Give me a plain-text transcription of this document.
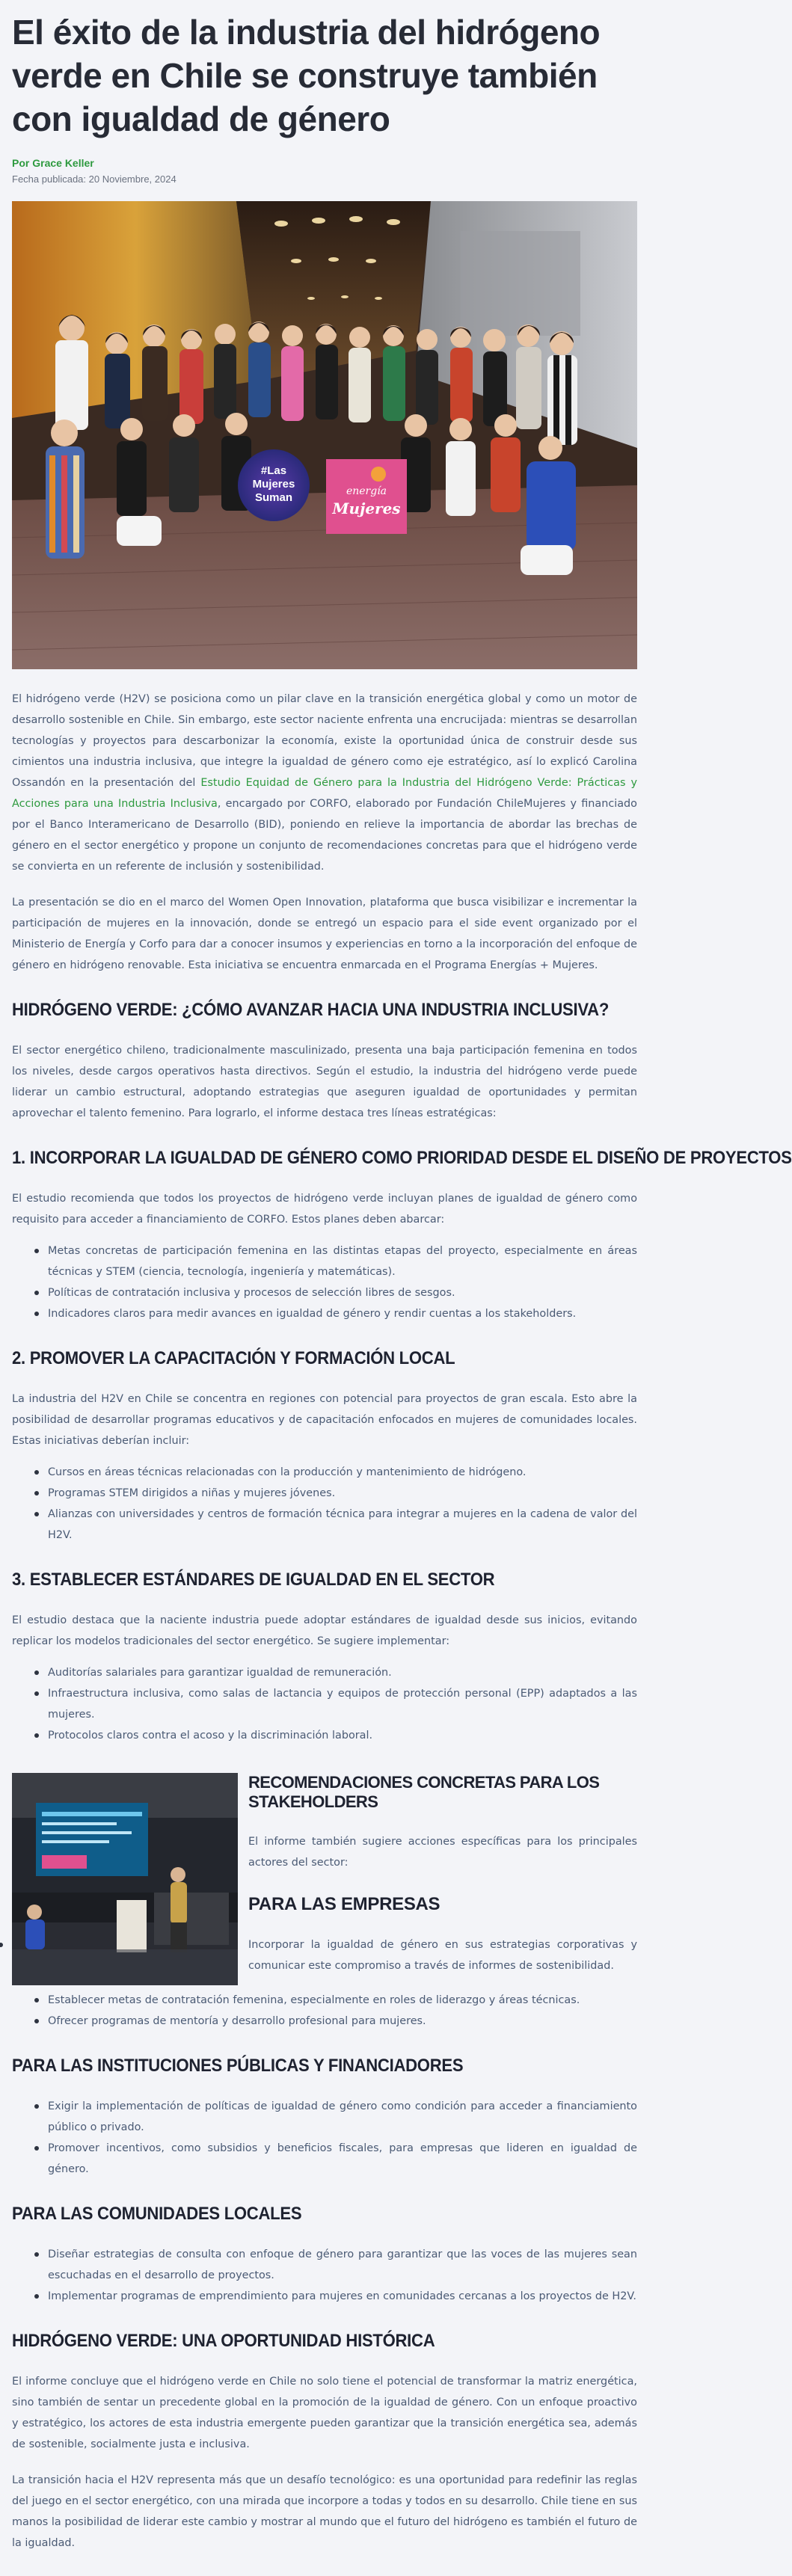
El éxito de la industria del hidrógeno verde en Chile se construye también con igualdad de género
Por Grace Keller
Fecha publicada: 20 Noviembre, 2024
#Las
Mujeres
Suman	energía
Mujeres

El hidrógeno verde (H2V) se posiciona como un pilar clave en la transición energética global y como un motor de desarrollo sostenible en Chile. Sin embargo, este sector naciente enfrenta una encrucijada: mientras se desarrollan tecnologías y proyectos para descarbonizar la economía, existe la oportunidad única de construir desde sus cimientos una industria inclusiva, que integre la igualdad de género como eje estratégico, así lo explicó Carolina Ossandón en la presentación del Estudio Equidad de Género para la Industria del Hidrógeno Verde: Prácticas y Acciones para una Industria Inclusiva, encargado por CORFO, elaborado por Fundación ChileMujeres y financiado por el Banco Interamericano de Desarrollo (BID), poniendo en relieve la importancia de abordar las brechas de género en el sector energético y propone un conjunto de recomendaciones concretas para que el hidrógeno verde se convierta en un referente de inclusión y sostenibilidad.

La presentación se dio en el marco del Women Open Innovation, plataforma que busca visibilizar e incrementar la participación de mujeres en la innovación, donde se entregó un espacio para el side event organizado por el Ministerio de Energía y Corfo para dar a conocer insumos y experiencias en torno a la incorporación del enfoque de género en hidrógeno renovable. Esta iniciativa se encuentra enmarcada en el Programa Energías + Mujeres.

HIDRÓGENO VERDE: ¿CÓMO AVANZAR HACIA UNA INDUSTRIA INCLUSIVA?

El sector energético chileno, tradicionalmente masculinizado, presenta una baja participación femenina en todos los niveles, desde cargos operativos hasta directivos. Según el estudio, la industria del hidrógeno verde puede liderar un cambio estructural, adoptando estrategias que aseguren igualdad de oportunidades y permitan aprovechar el talento femenino. Para lograrlo, el informe destaca tres líneas estratégicas:

1. INCORPORAR LA IGUALDAD DE GÉNERO COMO PRIORIDAD DESDE EL DISEÑO DE PROYECTOS

El estudio recomienda que todos los proyectos de hidrógeno verde incluyan planes de igualdad de género como requisito para acceder a financiamiento de CORFO. Estos planes deben abarcar:

Metas concretas de participación femenina en las distintas etapas del proyecto, especialmente en áreas técnicas y STEM (ciencia, tecnología, ingeniería y matemáticas).
Políticas de contratación inclusiva y procesos de selección libres de sesgos.
Indicadores claros para medir avances en igualdad de género y rendir cuentas a los stakeholders.
2. PROMOVER LA CAPACITACIÓN Y FORMACIÓN LOCAL

La industria del H2V en Chile se concentra en regiones con potencial para proyectos de gran escala. Esto abre la posibilidad de desarrollar programas educativos y de capacitación enfocados en mujeres de comunidades locales. Estas iniciativas deberían incluir:

Cursos en áreas técnicas relacionadas con la producción y mantenimiento de hidrógeno.
Programas STEM dirigidos a niñas y mujeres jóvenes.
Alianzas con universidades y centros de formación técnica para integrar a mujeres en la cadena de valor del H2V.
3. ESTABLECER ESTÁNDARES DE IGUALDAD EN EL SECTOR

El estudio destaca que la naciente industria puede adoptar estándares de igualdad desde sus inicios, evitando replicar los modelos tradicionales del sector energético. Se sugiere implementar:

Auditorías salariales para garantizar igualdad de remuneración.
Infraestructura inclusiva, como salas de lactancia y equipos de protección personal (EPP) adaptados a las mujeres.
Protocolos claros contra el acoso y la discriminación laboral.
RECOMENDACIONES CONCRETAS PARA LOS STAKEHOLDERS

El informe también sugiere acciones específicas para los principales actores del sector:

PARA LAS EMPRESAS
Incorporar la igualdad de género en sus estrategias corporativas y comunicar este compromiso a través de informes de sostenibilidad.
Establecer metas de contratación femenina, especialmente en roles de liderazgo y áreas técnicas.
Ofrecer programas de mentoría y desarrollo profesional para mujeres.
PARA LAS INSTITUCIONES PÚBLICAS Y FINANCIADORES
Exigir la implementación de políticas de igualdad de género como condición para acceder a financiamiento público o privado.
Promover incentivos, como subsidios y beneficios fiscales, para empresas que lideren en igualdad de género.
PARA LAS COMUNIDADES LOCALES
Diseñar estrategias de consulta con enfoque de género para garantizar que las voces de las mujeres sean escuchadas en el desarrollo de proyectos.
Implementar programas de emprendimiento para mujeres en comunidades cercanas a los proyectos de H2V.
HIDRÓGENO VERDE: UNA OPORTUNIDAD HISTÓRICA

El informe concluye que el hidrógeno verde en Chile no solo tiene el potencial de transformar la matriz energética, sino también de sentar un precedente global en la promoción de la igualdad de género. Con un enfoque proactivo y estratégico, los actores de esta industria emergente pueden garantizar que la transición energética sea, además de sostenible, socialmente justa e inclusiva.

La transición hacia el H2V representa más que un desafío tecnológico: es una oportunidad para redefinir las reglas del juego en el sector energético, con una mirada que incorpore a todas y todos en su desarrollo. Chile tiene en sus manos la posibilidad de liderar este cambio y mostrar al mundo que el futuro del hidrógeno es también el futuro de la igualdad.
